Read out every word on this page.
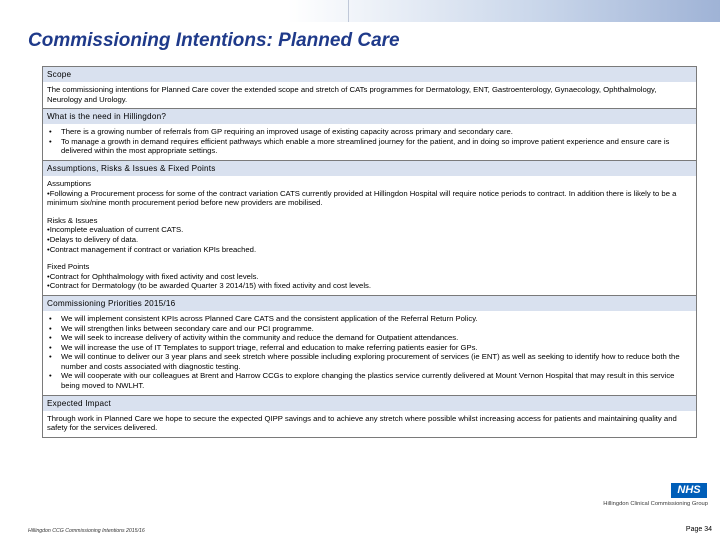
Commissioning Intentions: Planned Care
Scope

The commissioning intentions for Planned Care cover the extended scope and stretch of CATs programmes for Dermatology, ENT, Gastroenterology, Gynaecology, Ophthalmology, Neurology and Urology.

What is the need in Hillingdon?
• There is a growing number of referrals from GP requiring an improved usage of existing capacity across primary and secondary care.
• To manage a growth in demand requires efficient pathways which enable a more streamlined journey for the patient, and in doing so improve patient experience and ensure care is delivered within the most appropriate settings.
Assumptions, Risks & Issues & Fixed Points

Assumptions

•Following a Procurement process for some of the contract variation CATS currently provided at Hillingdon Hospital will require notice periods to contract. In addition there is likely to be a minimum six/nine month procurement period before new providers are mobilised.

Risks & Issues

•Incomplete evaluation of current CATS.

•Delays to delivery of data.

•Contract management if contract or variation KPIs breached.

Fixed Points

•Contract for Ophthalmology with fixed activity and cost levels.

•Contract for Dermatology (to be awarded Quarter 3 2014/15) with fixed activity and cost levels.

Commissioning Priorities 2015/16
• We will implement consistent KPIs across Planned Care CATS and the consistent application of the Referral Return Policy.
• We will strengthen links between secondary care and our PCI programme.
• We will seek to increase delivery of activity within the community and reduce the demand for Outpatient attendances.
• We will increase the use of IT Templates to support triage, referral and education to make referring patients easier for GPs.
• We will continue to deliver our 3 year plans and seek stretch where possible including exploring procurement of services (ie ENT) as well as seeking to identify how to reduce both the number and costs associated with diagnostic testing.
• We will cooperate with our colleagues at Brent and Harrow CCGs to explore changing the plastics service currently delivered at Mount Vernon Hospital that may result in this service being moved to NWLHT.
Expected Impact

Through work in Planned Care we hope to secure the expected QIPP savings and to achieve any stretch where possible whilst increasing access for patients and maintaining quality and safety for the services delivered.

NHS
Hillingdon Clinical Commissioning Group
Hillingdon CCG Commissioning Intentions 2015/16	Page 34
